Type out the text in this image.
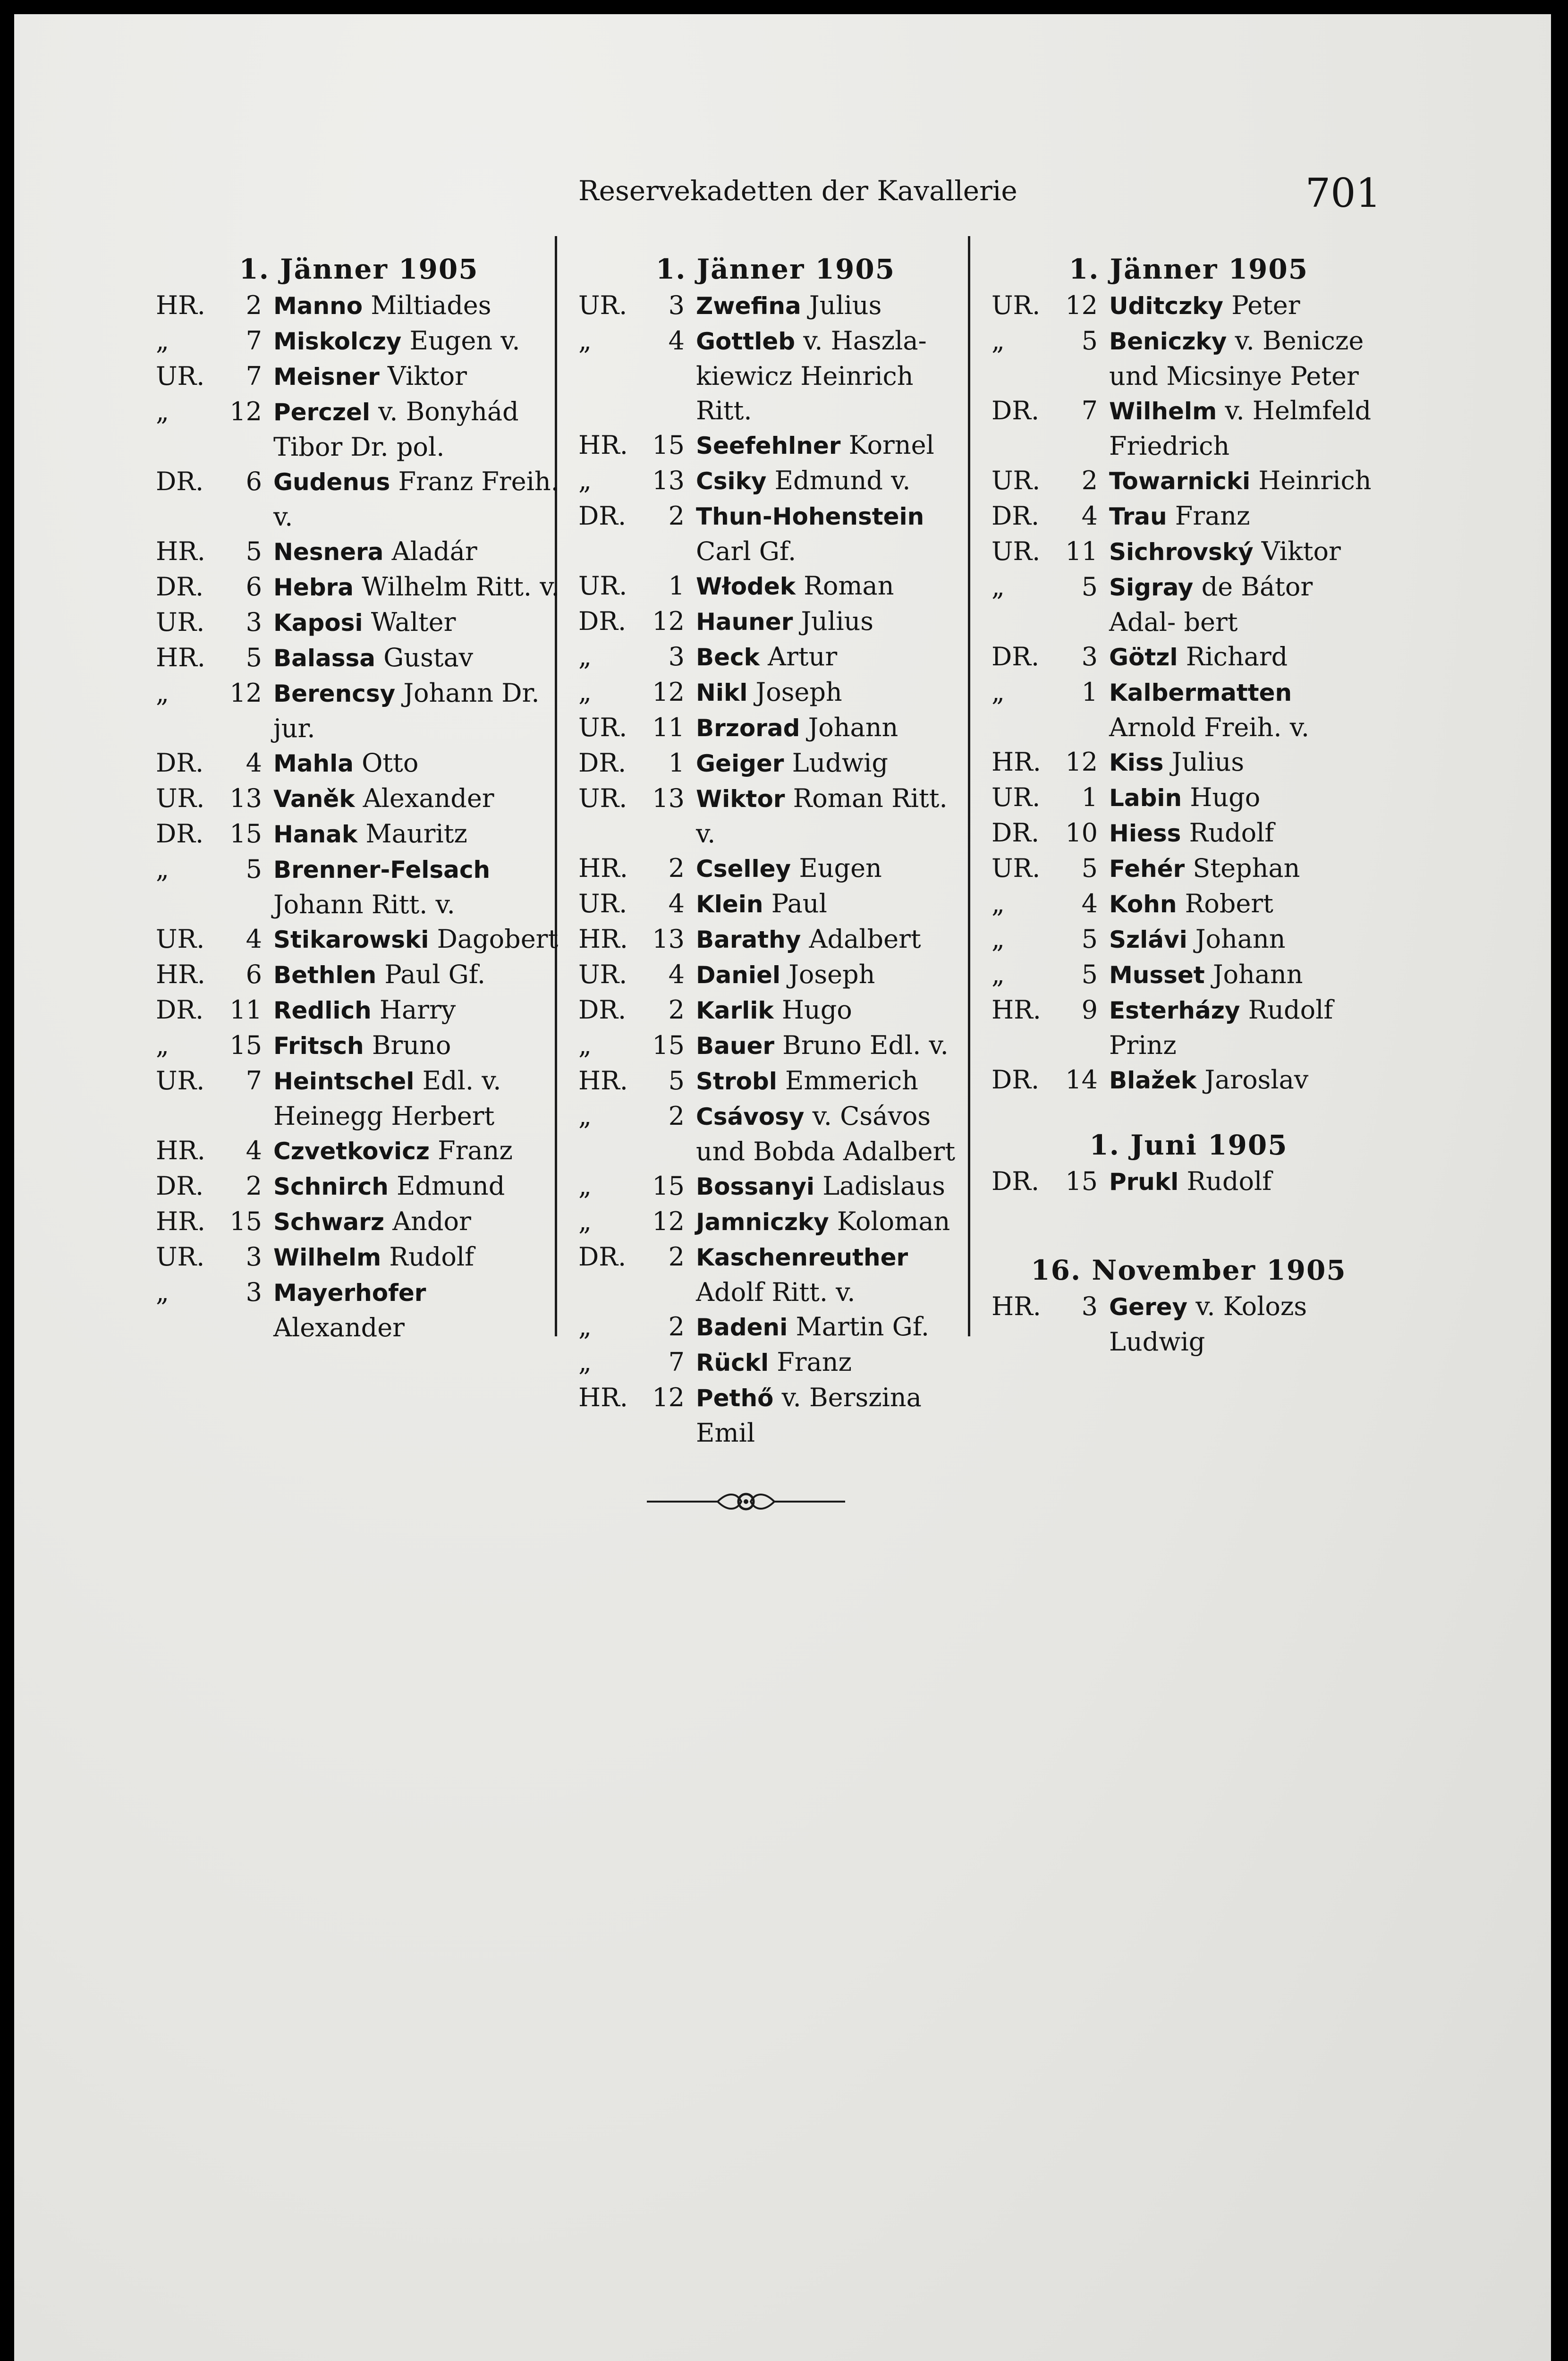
Reservekadetten der Kavallerie	701
1. Jänner 1905
HR.	2 Manno Miltiades
„	7 Miskolczy Eugen v.
UR.	7 Meisner Viktor
„	12 Perczel v. Bonyhád Tibor Dr. pol.
DR.	6 Gudenus Franz Freih. v.
HR.	5 Nesnera Aladár
DR.	6 Hebra Wilhelm Ritt. v.
UR.	3 Kaposi Walter
HR.	5 Balassa Gustav
„	12 Berencsy Johann Dr. jur.
DR.	4 Mahla Otto
UR. 13 Vaněk Alexander
DR.	15 Hanak Mauritz
„	5 Brenner-Felsach Johann Ritt. v.
UR.	4 Stikarowski Dagobert
HR.	6 Bethlen Paul Gf.
DR.	11 Redlich Harry
„	15 Fritsch Bruno
UR.	7 Heintschel Edl. v. Heinegg Herbert
HR.	4 Czvetkovicz Franz
DR.	2 Schnirch Edmund
HR. 15 Schwarz Andor
UR.	3 Wilhelm Rudolf
„	3 Mayerhofer Alexander
1. Jänner 1905
UR.	3 Zwefina Julius
„	4 Gottleb v. Haszla- kiewicz Heinrich Ritt.
HR. 15 Seefehlner Kornel
„	13 Csiky Edmund v.
DR.	2 Thun-Hohenstein Carl Gf.
UR.	1 Włodek Roman
DR.	12 Hauner Julius
„	3 Beck Artur
„	12 Nikl Joseph
UR. 11 Brzorad Johann
DR.	1 Geiger Ludwig
UR. 13 Wiktor Roman Ritt. v.
HR.	2 Cselley Eugen
UR.	4 Klein Paul
HR. 13 Barathy Adalbert
UR.	4 Daniel Joseph
DR.	2 Karlik Hugo
„	15 Bauer Bruno Edl. v.
HR.	5 Strobl Emmerich
„	2 Csávosy v. Csávos und Bobda Adalbert
„	15 Bossanyi Ladislaus
„	12 Jamniczky Koloman
DR.	2 Kaschenreuther Adolf Ritt. v.
„	2 Badeni Martin Gf.
„	7 Rückl Franz
HR. 12 Pethő v. Berszina Emil
1. Jänner 1905
UR. 12 Uditczky Peter
„	5 Beniczky v. Benicze und Micsinye Peter
DR.	7 Wilhelm v. Helmfeld Friedrich
UR.	2 Towarnicki Heinrich
DR.	4 Trau Franz
UR. 11 Sichrovský Viktor
„	5 Sigray de Bátor Adal- bert
DR.	3 Götzl Richard
„	1 Kalbermatten Arnold Freih. v.
HR. 12 Kiss Julius
UR.	1 Labin Hugo
DR.	10 Hiess Rudolf
UR.	5 Fehér Stephan
„	4 Kohn Robert
„	5 Szlávi Johann
„	5 Musset Johann
HR.	9 Esterházy Rudolf Prinz
DR.	14 Blažek Jaroslav
1. Juni 1905
DR.	15 Prukl Rudolf
16. November 1905
HR.	3 Gerey v. Kolozs Ludwig
